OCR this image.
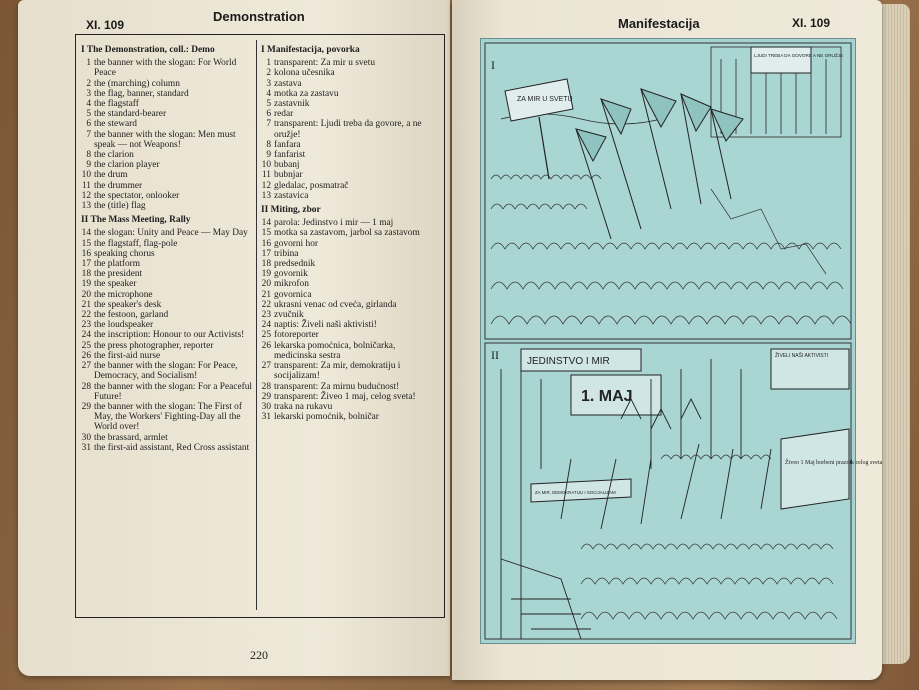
XI. 109
Demonstration
I The Demonstration, coll.: Demo
1 the banner with the slogan: For World Peace
2 the (marching) column
3 the flag, banner, standard
4 the flagstaff
5 the standard-bearer
6 the steward
7 the banner with the slogan: Men must speak — not Weapons!
8 the clarion
9 the clarion player
10 the drum
11 the drummer
12 the spectator, onlooker
13 the (title) flag
II The Mass Meeting, Rally
14 the slogan: Unity and Peace — May Day
15 the flagstaff, flag-pole
16 speaking chorus
17 the platform
18 the president
19 the speaker
20 the microphone
21 the speaker's desk
22 the festoon, garland
23 the loudspeaker
24 the inscription: Honour to our Activists!
25 the press photographer, reporter
26 the first-aid nurse
27 the banner with the slogan: For Peace, Democracy, and Socialism!
28 the banner with the slogan: For a Peaceful Future!
29 the banner with the slogan: The First of May, the Workers' Fighting-Day all the World over!
30 the brassard, armlet
31 the first-aid assistant, Red Cross assistant
I Manifestacija, povorka
1 transparent: Za mir u svetu
2 kolona učesnika
3 zastava
4 motka za zastavu
5 zastavnik
6 redar
7 transparent: Ljudi treba da govore, a ne oružje!
8 fanfara
9 fanfarist
10 bubanj
11 bubnjar
12 gledalac, posmatrač
13 zastavica
II Miting, zbor
14 parola: Jedinstvo i mir — 1 maj
15 motka sa zastavom, jarbol sa zastavom
16 govorni hor
17 tribina
18 predsednik
19 govornik
20 mikrofon
21 govornica
22 ukrasni venac od cveća, girlanda
23 zvučnik
24 naptis: Živeli naši aktivisti!
25 fotoreporter
26 lekarska pomoćnica, bolničarka, medicinska sestra
27 transparent: Za mir, demokratiju i socijalizam!
28 transparent: Za mirnu budućnost!
29 transparent: Živeo 1 maj, celog sveta!
30 traka na rukavu
31 lekarski pomoćnik, bolničar
220
Manifestacija	XI. 109
I
ZA MIR U SVETU
LJUDI TREBA DA GOVORE A NE ORUŽJE
II	JEDINSTVO I MIR
1. MAJ
ŽIVELI NAŠI AKTIVISTI
Živeo 1 Maj borbeni praznik celog sveta
ZA MIR, DEMOKRATIJU I SOCIJALIZAM
